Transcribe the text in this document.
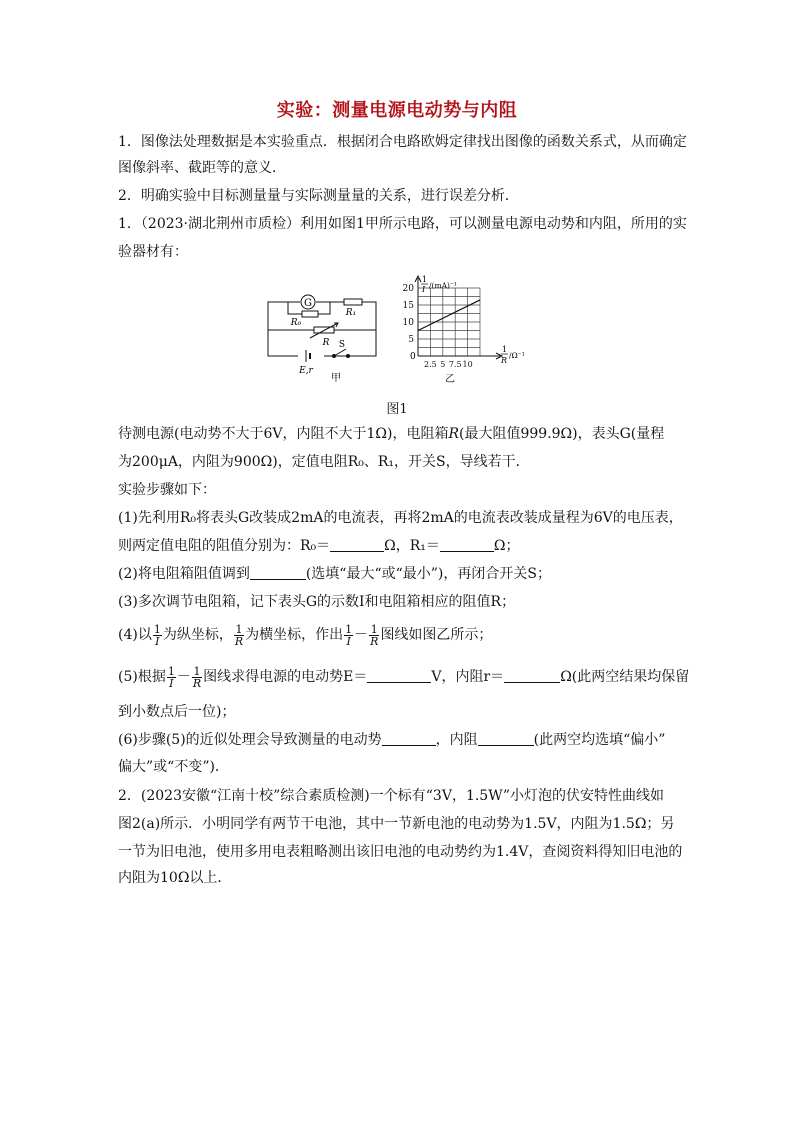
实验：测量电源电动势与内阻
1．图像法处理数据是本实验重点．根据闭合电路欧姆定律找出图像的函数关系式，从而确定
图像斜率、截距等的意义．
2．明确实验中目标测量量与实际测量量的关系，进行误差分析．
1．（2023·湖北荆州市质检）利用如图1甲所示电路，可以测量电源电动势和内阻，所用的实
验器材有：
G
R₁
R₀
R
E,r
S
甲
5
10
15
20
2.5 5 7.5 10
1
I /(mA)⁻¹
1
R
/Ω⁻¹
0
乙
图1
待测电源(电动势不大于6V，内阻不大于1Ω)，电阻箱R(最大阻值999.9Ω)，表头G(量程
为200μA，内阻为900Ω)，定值电阻R₀、R₁，开关S，导线若干．
实验步骤如下：
(1)先利用R₀将表头G改装成2mA的电流表，再将2mA的电流表改装成量程为6V的电压表，
则两定值电阻的阻值分别为：R₀＝	Ω，R₁＝	Ω；
(2)将电阻箱阻值调到	(选填“最大“或“最小”)，再闭合开关S；
(3)多次调节电阻箱，记下表头G的示数I和电阻箱相应的阻值R；
(4)以 $\frac{1}{I}$ 为纵坐标， $\frac{1}{R}$ 为横坐标，作出 $\frac{1}{I} - \frac{1}{R}$ 图线如图乙所示；
(5)根据 $\frac{1}{I} - \frac{1}{R}$ 图线求得电源的电动势E＝	V，内阻r＝	Ω(此两空结果均保留
到小数点后一位)；
(6)步骤(5)的近似处理会导致测量的电动势	，内阻	(此两空均选填“偏小”
偏大”或“不变”)．
2．(2023安徽“江南十校”综合素质检测)一个标有“3V，1.5W”小灯泡的伏安特性曲线如
图2(a)所示．小明同学有两节干电池，其中一节新电池的电动势为1.5V，内阻为1.5Ω；另
一节为旧电池，使用多用电表粗略测出该旧电池的电动势约为1.4V，查阅资料得知旧电池的
内阻为10Ω以上．
